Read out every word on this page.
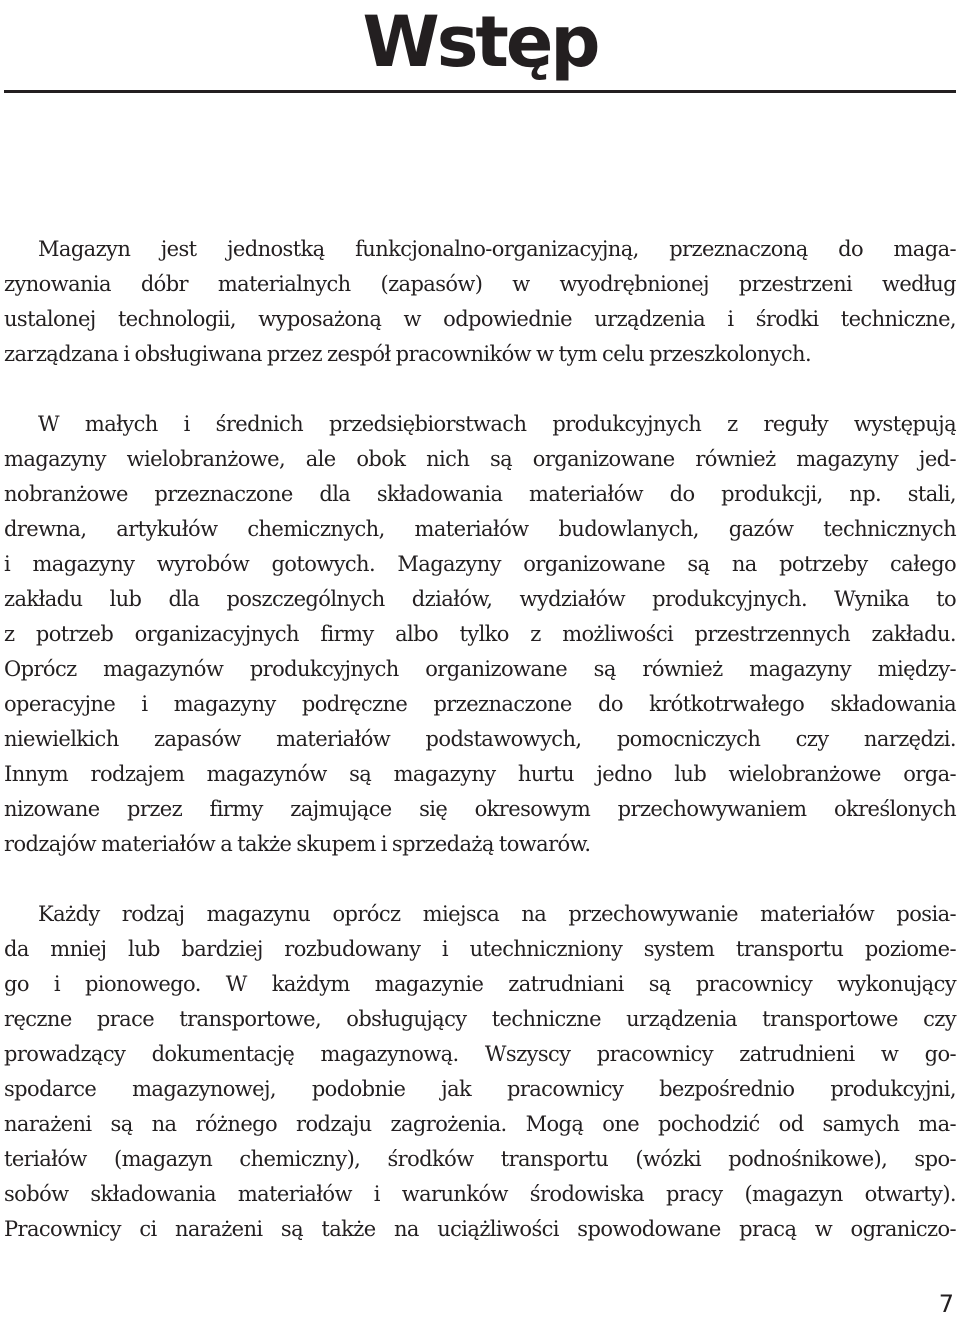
Wstęp
Magazyn jest jednostką funkcjonalno-organizacyjną, przeznaczoną do maga-
zynowania dóbr materialnych (zapasów) w wyodrębnionej przestrzeni według
ustalonej technologii, wyposażoną w odpowiednie urządzenia i środki techniczne,
zarządzana i obsługiwana przez zespół pracowników w tym celu przeszkolonych.
W małych i średnich przedsiębiorstwach produkcyjnych z reguły występują
magazyny wielobranżowe, ale obok nich są organizowane również magazyny jed-
nobranżowe przeznaczone dla składowania materiałów do produkcji, np. stali,
drewna, artykułów chemicznych, materiałów budowlanych, gazów technicznych
i magazyny wyrobów gotowych. Magazyny organizowane są na potrzeby całego
zakładu lub dla poszczególnych działów, wydziałów produkcyjnych. Wynika to
z potrzeb organizacyjnych firmy albo tylko z możliwości przestrzennych zakładu.
Oprócz magazynów produkcyjnych organizowane są również magazyny między-
operacyjne i magazyny podręczne przeznaczone do krótkotrwałego składowania
niewielkich zapasów materiałów podstawowych, pomocniczych czy narzędzi.
Innym rodzajem magazynów są magazyny hurtu jedno lub wielobranżowe orga-
nizowane przez firmy zajmujące się okresowym przechowywaniem określonych
rodzajów materiałów a także skupem i sprzedażą towarów.
Każdy rodzaj magazynu oprócz miejsca na przechowywanie materiałów posia-
da mniej lub bardziej rozbudowany i utechniczniony system transportu poziome-
go i pionowego. W każdym magazynie zatrudniani są pracownicy wykonujący
ręczne prace transportowe, obsługujący techniczne urządzenia transportowe czy
prowadzący dokumentację magazynową. Wszyscy pracownicy zatrudnieni w go-
spodarce magazynowej, podobnie jak pracownicy bezpośrednio produkcyjni,
narażeni są na różnego rodzaju zagrożenia. Mogą one pochodzić od samych ma-
teriałów (magazyn chemiczny), środków transportu (wózki podnośnikowe), spo-
sobów składowania materiałów i warunków środowiska pracy (magazyn otwarty).
Pracownicy ci narażeni są także na uciążliwości spowodowane pracą w ograniczo-
7
